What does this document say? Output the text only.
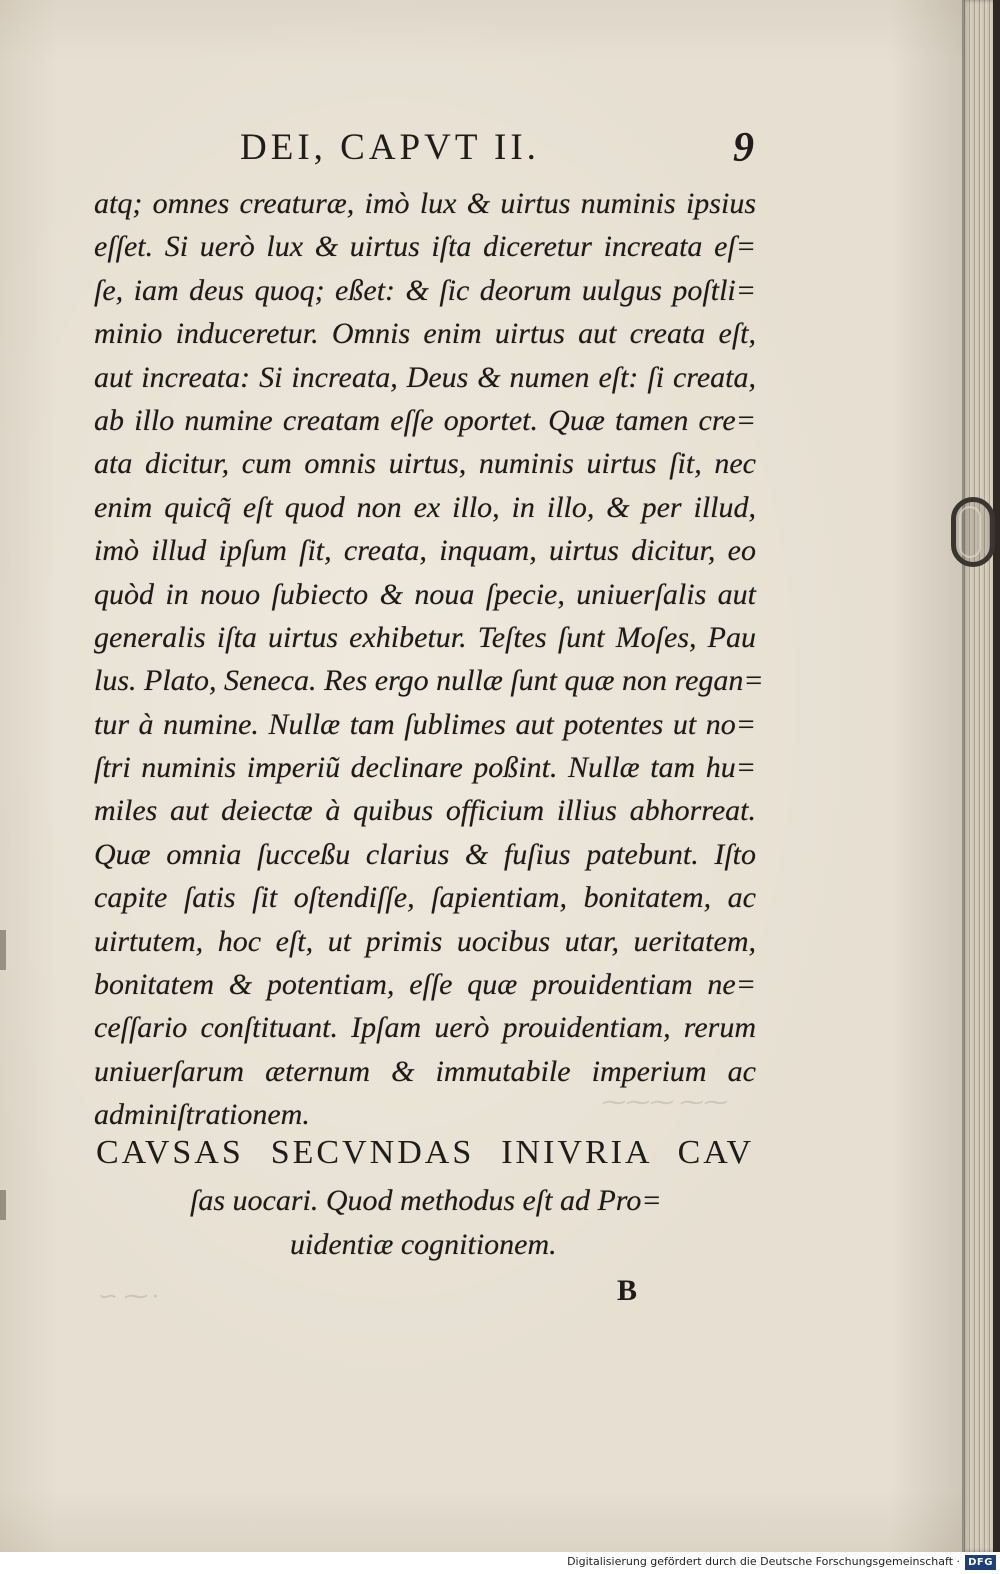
∽ ⁓ ·
⁓⁓⁓ ⁓⁓
DEI, CAPVT II.	9
atq; omnes creaturæ, imò lux & uirtus numinis ipsius
eſſet. Si uerò lux & uirtus iſta diceretur increata eſ=
ſe, iam deus quoq; eßet: & ſic deorum uulgus poſtli=
minio induceretur. Omnis enim uirtus aut creata eſt,
aut increata: Si increata, Deus & numen eſt: ſi creata,
ab illo numine creatam eſſe oportet. Quæ tamen cre=
ata dicitur, cum omnis uirtus, numinis uirtus ſit, nec
enim quicq̃ eſt quod non ex illo, in illo, & per illud,
imò illud ipſum ſit, creata, inquam, uirtus dicitur, eo
quòd in nouo ſubiecto & noua ſpecie, uniuerſalis aut
generalis iſta uirtus exhibetur. Teſtes ſunt Moſes, Pau
lus. Plato, Seneca. Res ergo nullæ ſunt quæ non regan=
tur à numine. Nullæ tam ſublimes aut potentes ut no=
ſtri numinis imperiũ declinare poßint. Nullæ tam hu=
miles aut deiectæ à quibus officium illius abhorreat.
Quæ omnia ſucceßu clarius & fuſius patebunt. Iſto
capite ſatis ſit oſtendiſſe, ſapientiam, bonitatem, ac
uirtutem, hoc eſt, ut primis uocibus utar, ueritatem,
bonitatem & potentiam, eſſe quæ prouidentiam ne=
ceſſario conſtituant. Ipſam uerò prouidentiam, rerum
uniuerſarum æternum & immutabile imperium ac
adminiſtrationem.
CAVSAS SECVNDAS INIVRIA CAV
ſas uocari. Quod methodus eſt ad Pro=
uidentiæ cognitionem.
B
Digitalisierung gefördert durch die Deutsche Forschungsgemeinschaft · DFG
